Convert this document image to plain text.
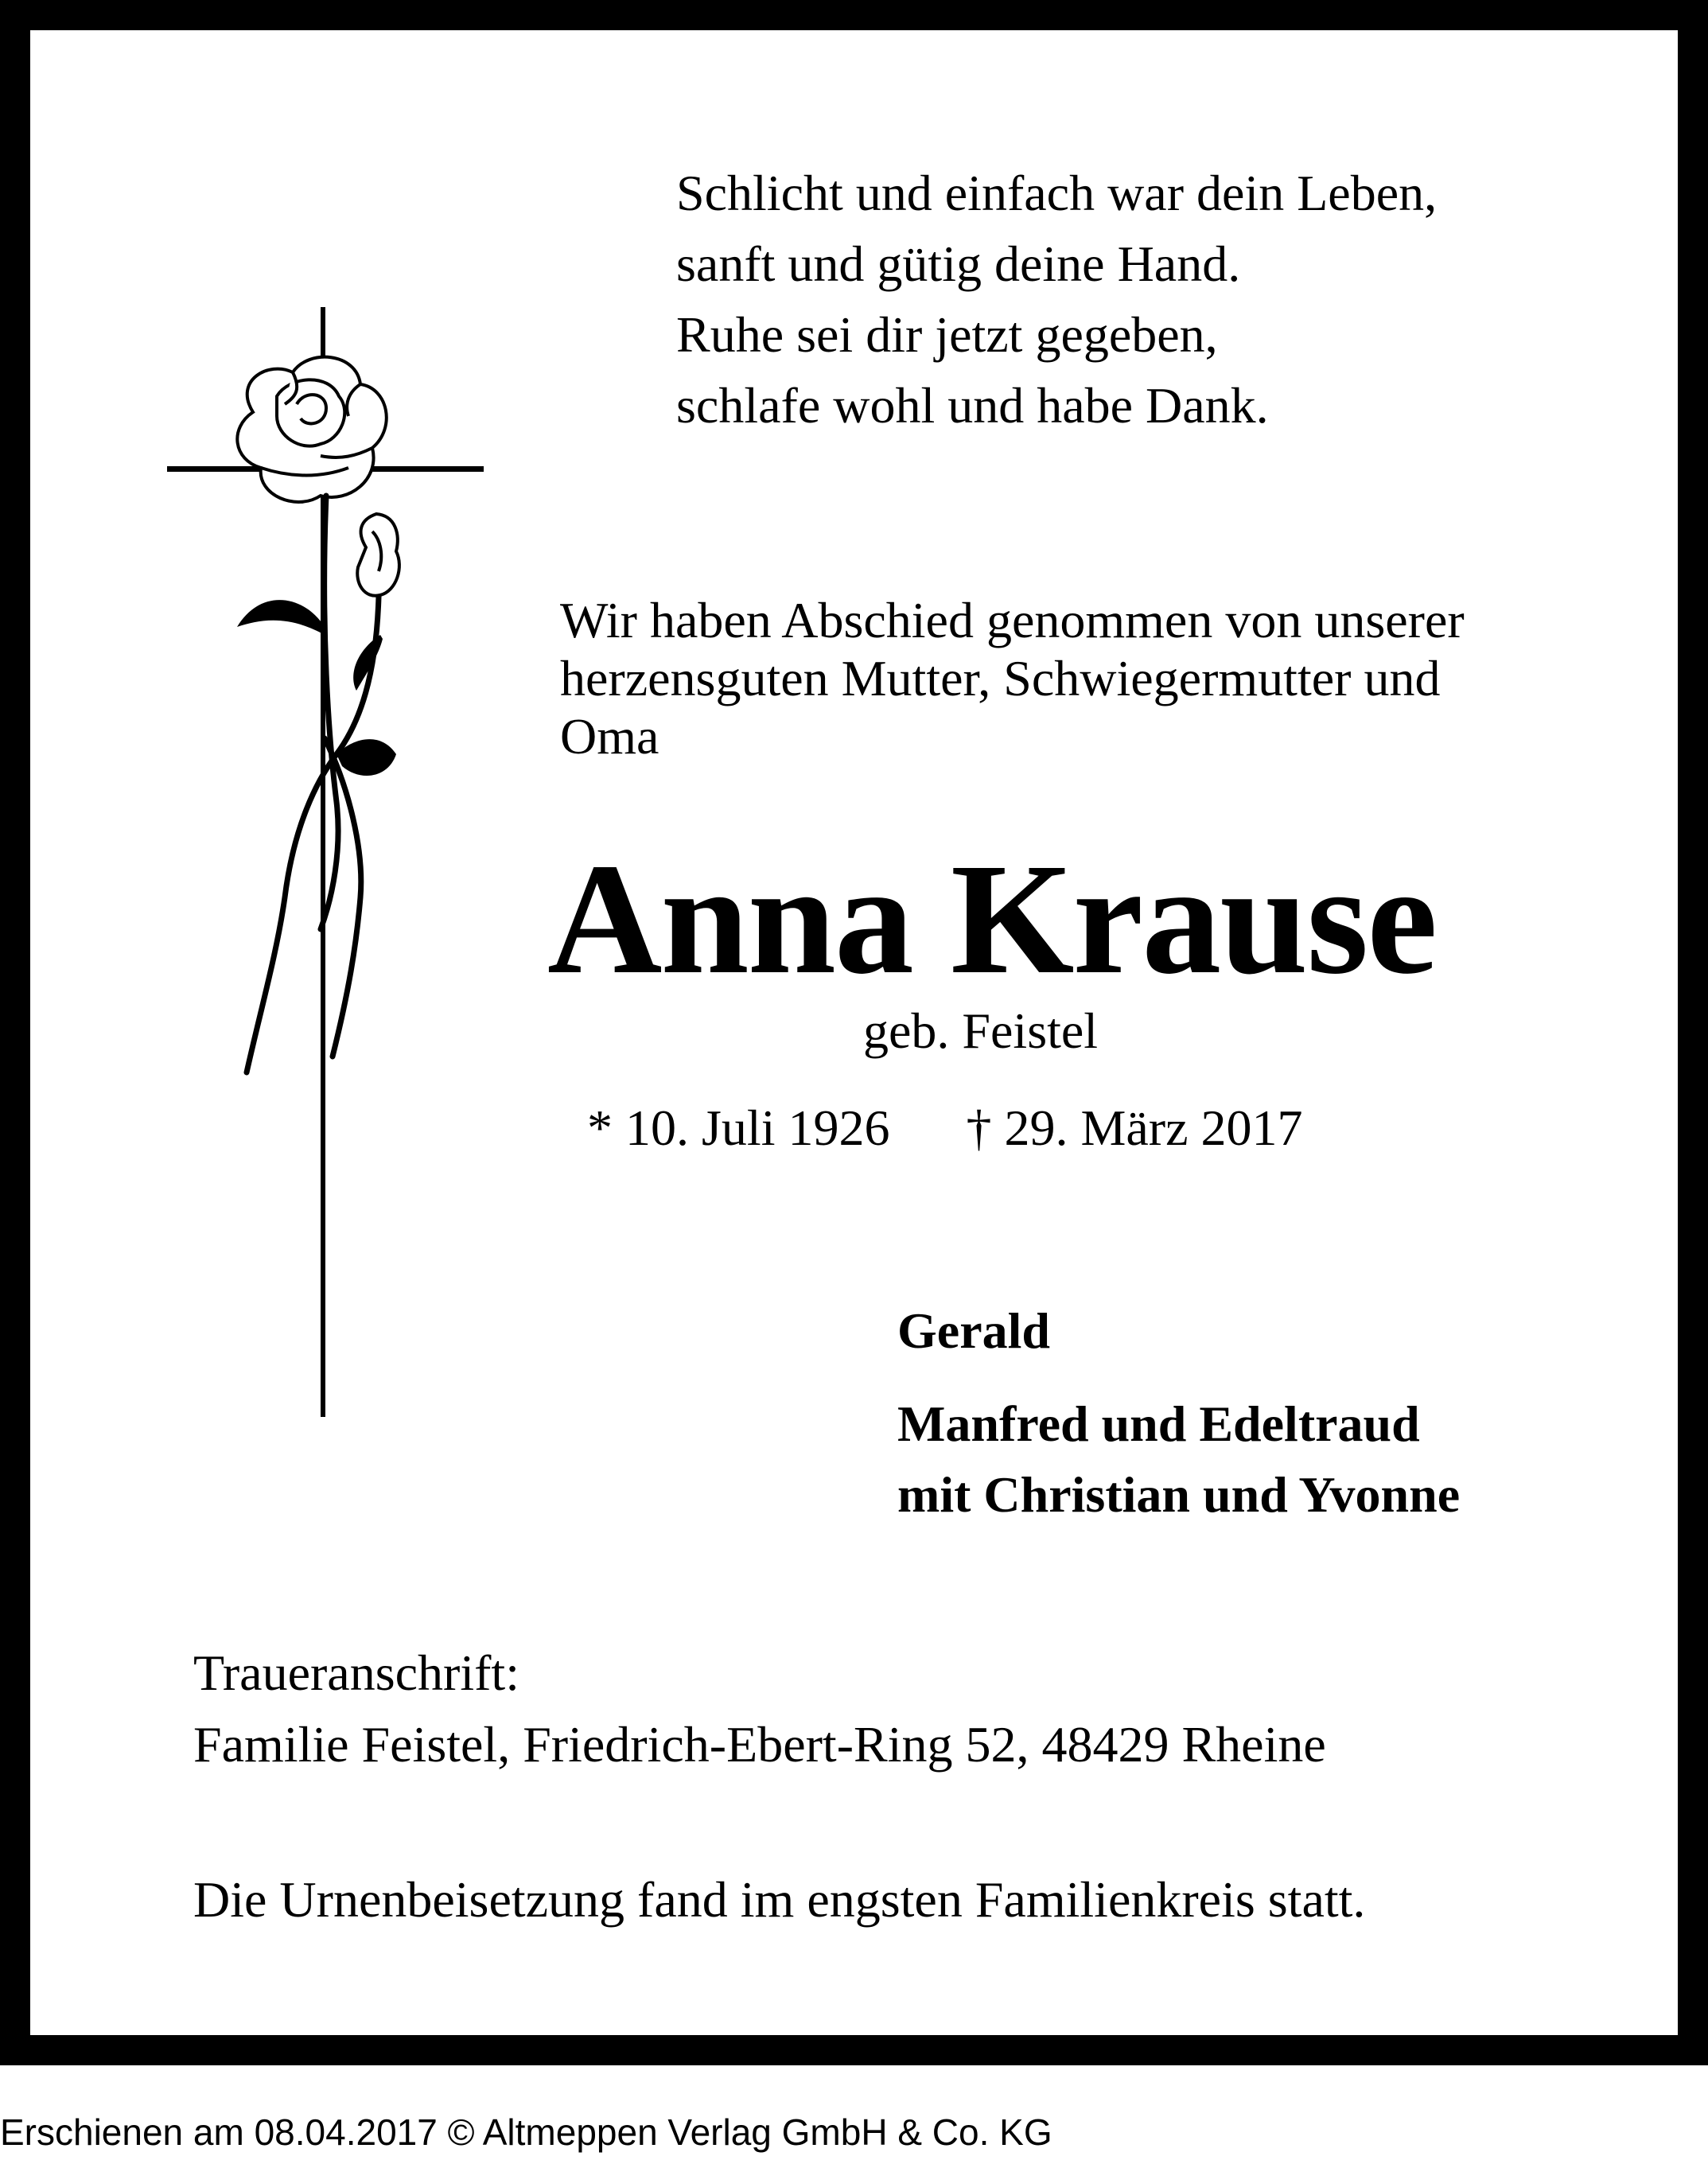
Schlicht und einfach war dein Leben,
sanft und gütig deine Hand.
Ruhe sei dir jetzt gegeben,
schlafe wohl und habe Dank.
Wir haben Abschied genommen von unserer
herzensguten Mutter, Schwiegermutter und
Oma
Anna Krause
geb. Feistel
* 10. Juli 1926 † 29. März 2017
Gerald
Manfred und Edeltraud
mit Christian und Yvonne
Traueranschrift:
Familie Feistel, Friedrich-Ebert-Ring 52, 48429 Rheine
Die Urnenbeisetzung fand im engsten Familienkreis statt.
Erschienen am 08.04.2017 © Altmeppen Verlag GmbH & Co. KG
